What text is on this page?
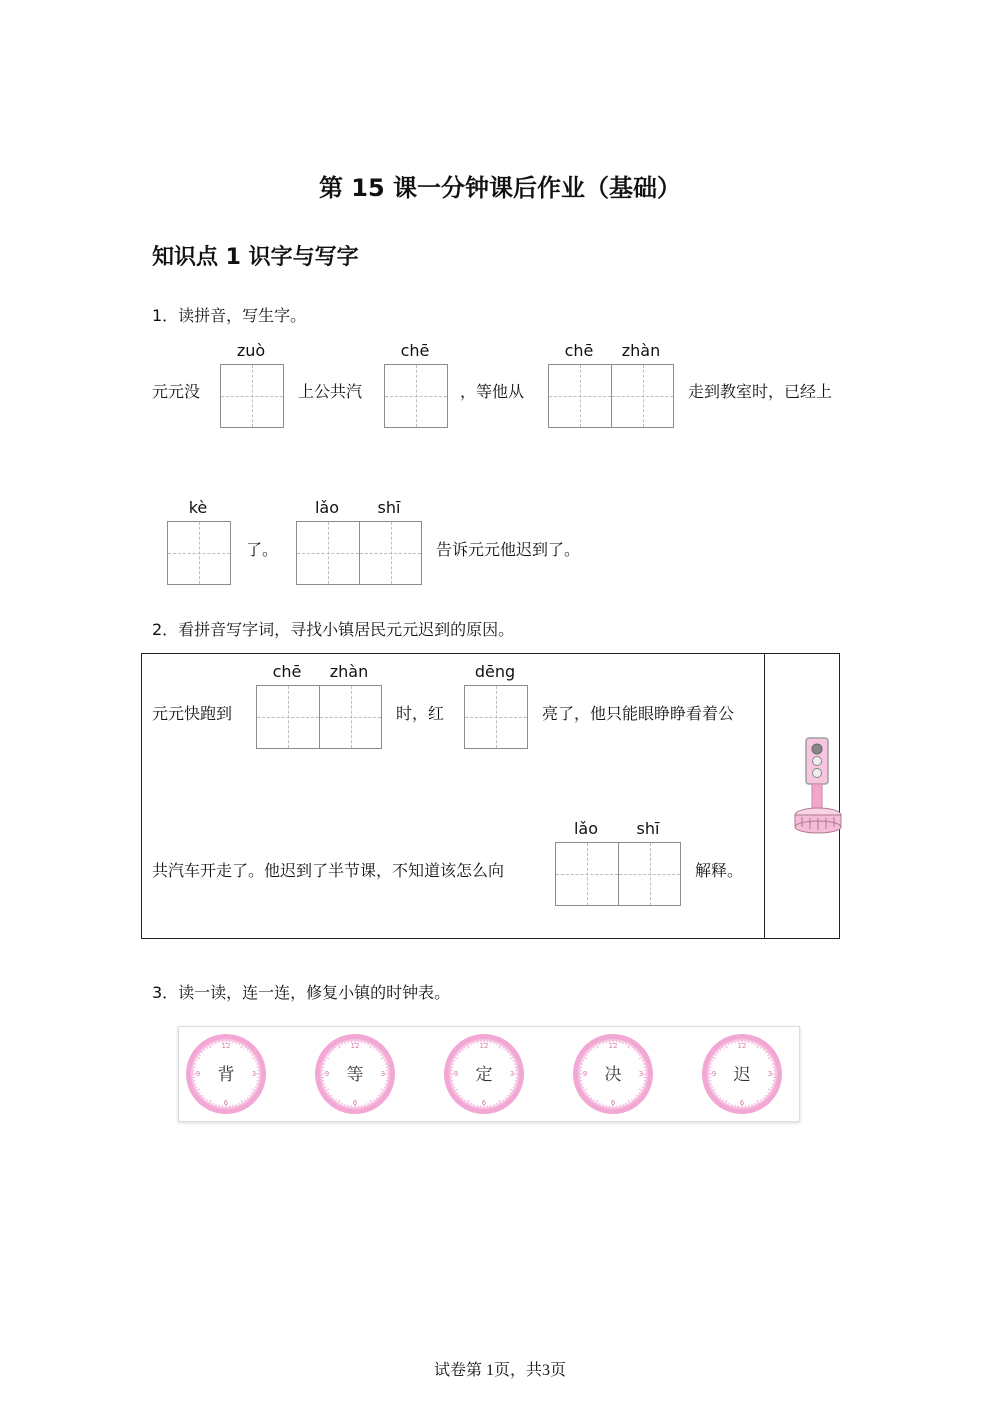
第 15 课一分钟课后作业（基础）
知识点 1 识字与写字
1．读拼音，写生字。
元元没
zuò
上公共汽
chē
，等他从
chē	zhàn
走到教室时，已经上
kè
了。
lǎo	shī
告诉元元他迟到了。
2．看拼音写字词，寻找小镇居民元元迟到的原因。
元元快跑到
chē	zhàn
时，红
dēng
亮了，他只能眼睁睁看着公
共汽车开走了。他迟到了半节课，不知道该怎么向
lǎo	shī
解释。
3．读一读，连一连，修复小镇的时钟表。
12
3
6
9 背
12
3
6
9 等
12
3
6
9 定
12
3
6
9 决
12
3
6
9 迟
试卷第 1页，共3页
